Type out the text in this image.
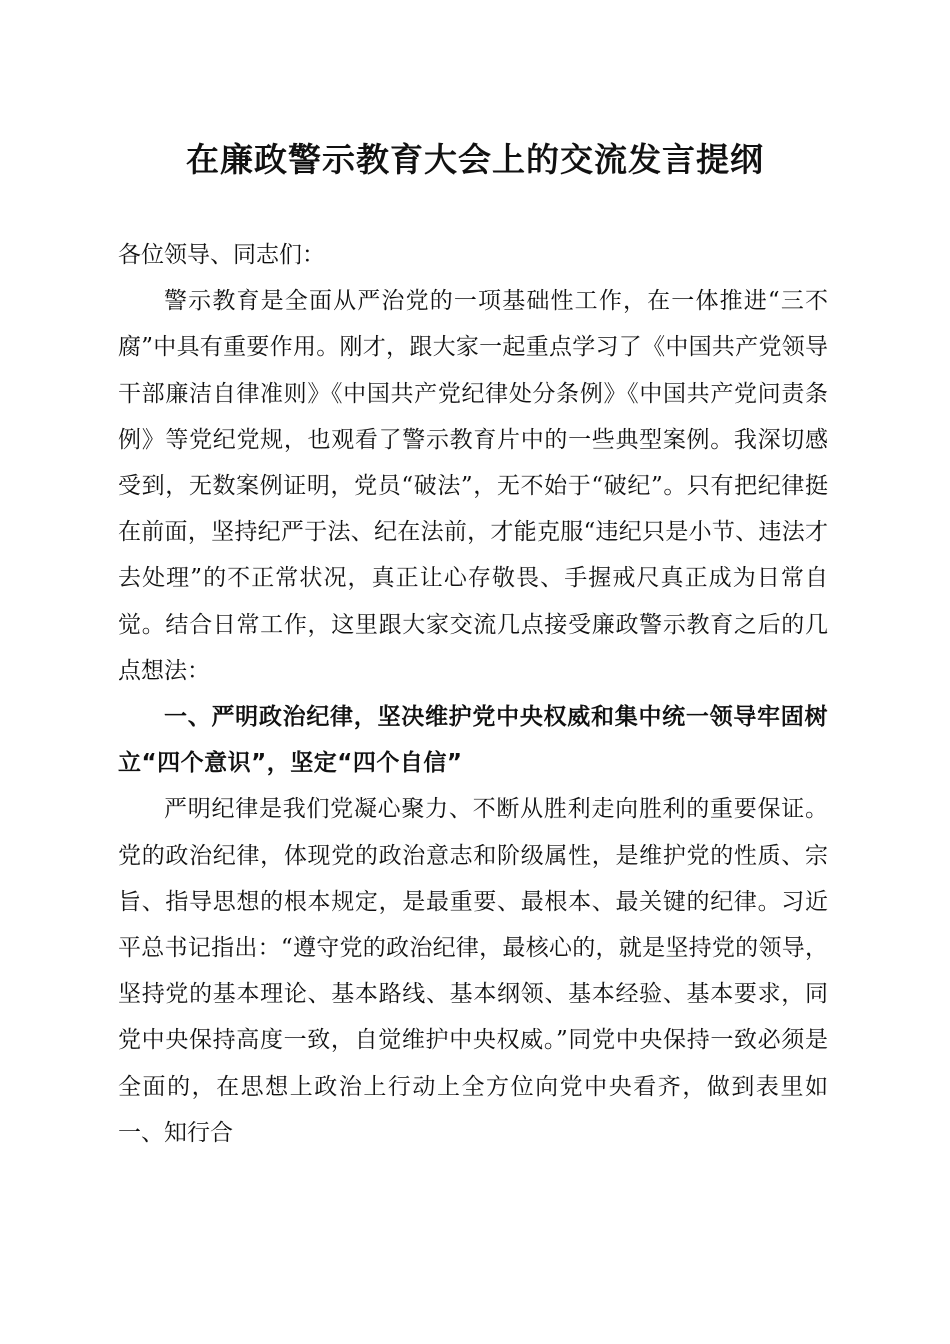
在廉政警示教育大会上的交流发言提纲

各位领导、同志们：

警示教育是全面从严治党的一项基础性工作，在一体推进“三不腐”中具有重要作用。刚才，跟大家一起重点学习了《中国共产党领导干部廉洁自律准则》《中国共产党纪律处分条例》《中国共产党问责条例》等党纪党规，也观看了警示教育片中的一些典型案例。我深切感受到，无数案例证明，党员“破法”，无不始于“破纪”。只有把纪律挺在前面，坚持纪严于法、纪在法前，才能克服“违纪只是小节、违法才去处理”的不正常状况，真正让心存敬畏、手握戒尺真正成为日常自觉。结合日常工作，这里跟大家交流几点接受廉政警示教育之后的几点想法：

一、严明政治纪律，坚决维护党中央权威和集中统一领导牢固树立“四个意识”，坚定“四个自信”

严明纪律是我们党凝心聚力、不断从胜利走向胜利的重要保证。党的政治纪律，体现党的政治意志和阶级属性，是维护党的性质、宗旨、指导思想的根本规定，是最重要、最根本、最关键的纪律。习近平总书记指出：“遵守党的政治纪律，最核心的，就是坚持党的领导，坚持党的基本理论、基本路线、基本纲领、基本经验、基本要求，同党中央保持高度一致，自觉维护中央权威。”同党中央保持一致必须是全面的，在思想上政治上行动上全方位向党中央看齐，做到表里如一、知行合
